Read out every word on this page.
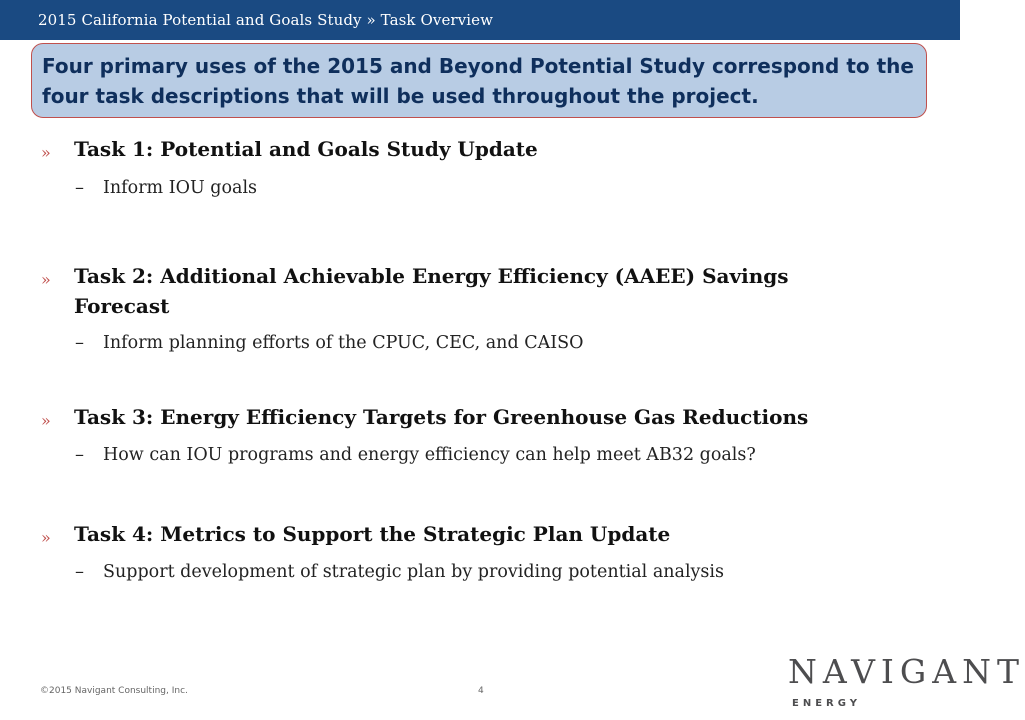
2015 California Potential and Goals Study » Task Overview
Four primary uses of the 2015 and Beyond Potential Study correspond to the four task descriptions that will be used throughout the project.
» Task 1: Potential and Goals Study Update
– Inform IOU goals
» Task 2: Additional Achievable Energy Efficiency (AAEE) Savings
Forecast
– Inform planning efforts of the CPUC, CEC, and CAISO
» Task 3: Energy Efficiency Targets for Greenhouse Gas Reductions
– How can IOU programs and energy efficiency can help meet AB32 goals?
» Task 4: Metrics to Support the Strategic Plan Update
– Support development of strategic plan by providing potential analysis
©2015 Navigant Consulting, Inc.	4	NAVIGANT
ENERGY
